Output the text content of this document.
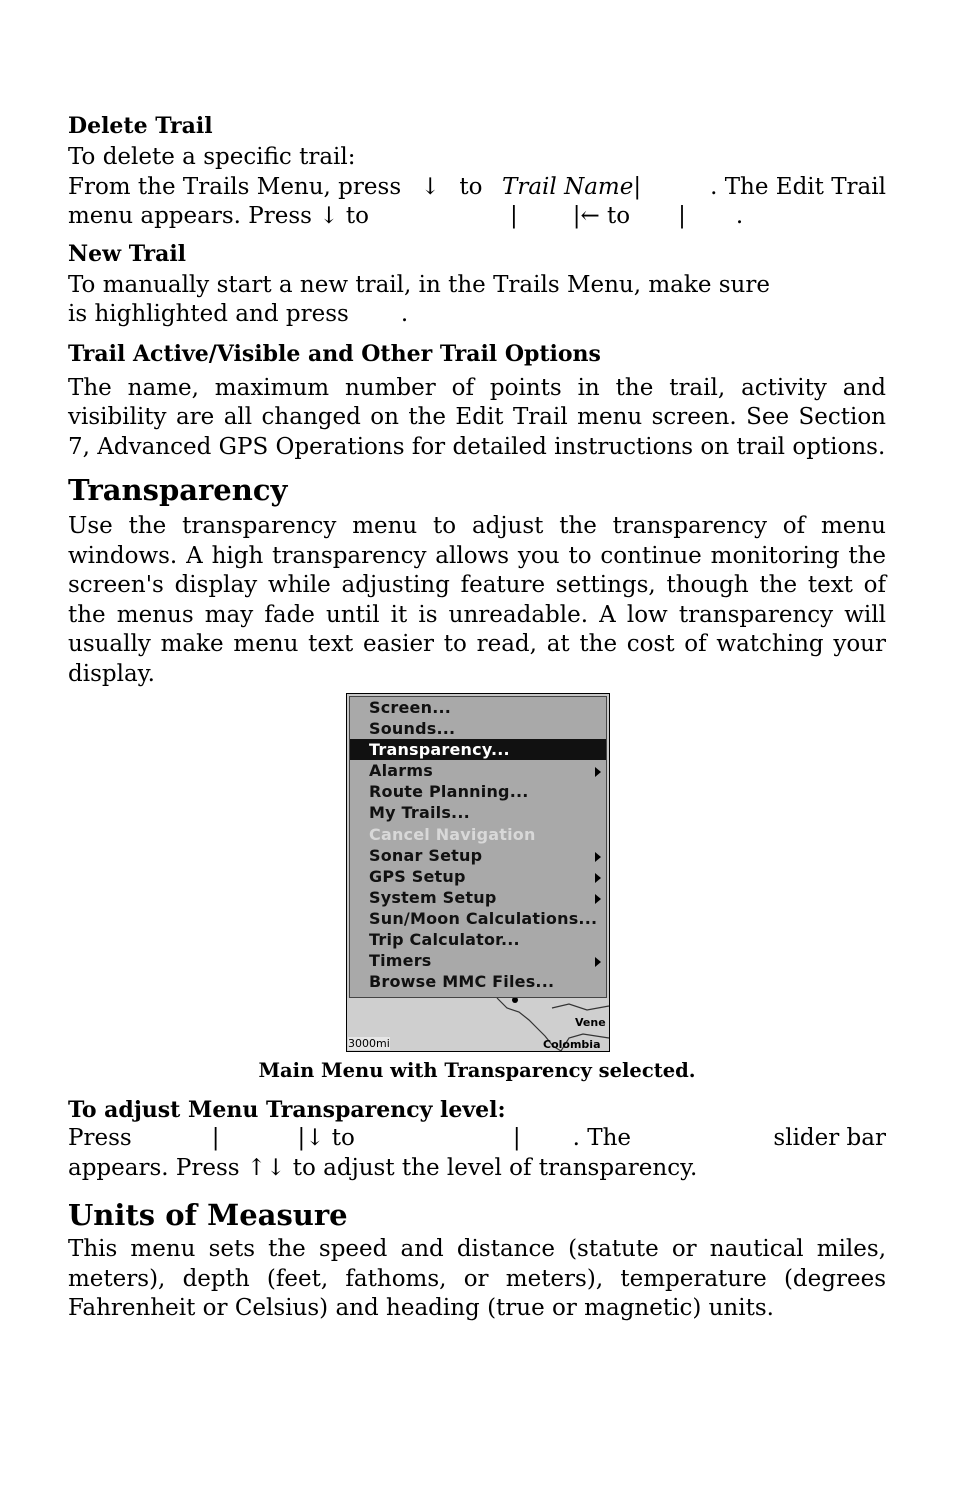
Delete Trail

To delete a specific trail:

From the Trails Menu, press ↓ to Trail Name|	. The Edit Trail
menu appears. Press
↓
to	| | ←
to | .
New Trail

To manually start a new trail, in the Trails Menu, make sure

is highlighted and press .

Trail Active/Visible and Other Trail Options

The name, maximum number of points in the trail, activity and visibility are all changed on the Edit Trail menu screen. See Section 7, Advanced GPS Operations for detailed instructions on trail options.

Transparency

Use the transparency menu to adjust the transparency of menu windows. A high transparency allows you to continue monitoring the screen's display while adjusting feature settings, though the text of the menus may fade until it is unreadable. A low transparency will usually make menu text easier to read, at the cost of watching your display.

Screen...
Sounds...
Transparency...
Alarms
Route Planning...
My Trails...
Cancel Navigation
Sonar Setup
GPS Setup
System Setup
Sun/Moon Calculations...
Trip Calculator...
Timers
Browse MMC Files...
Vene
Colombia
3000mi
Main Menu with Transparency selected.
To adjust Menu Transparency level:
Press	|	| ↓
to	| . The	slider bar

appears. Press ↑↓ to adjust the level of transparency.

Units of Measure

This menu sets the speed and distance (statute or nautical miles, meters), depth (feet, fathoms, or meters), temperature (degrees Fahrenheit or Celsius) and heading (true or magnetic) units.
